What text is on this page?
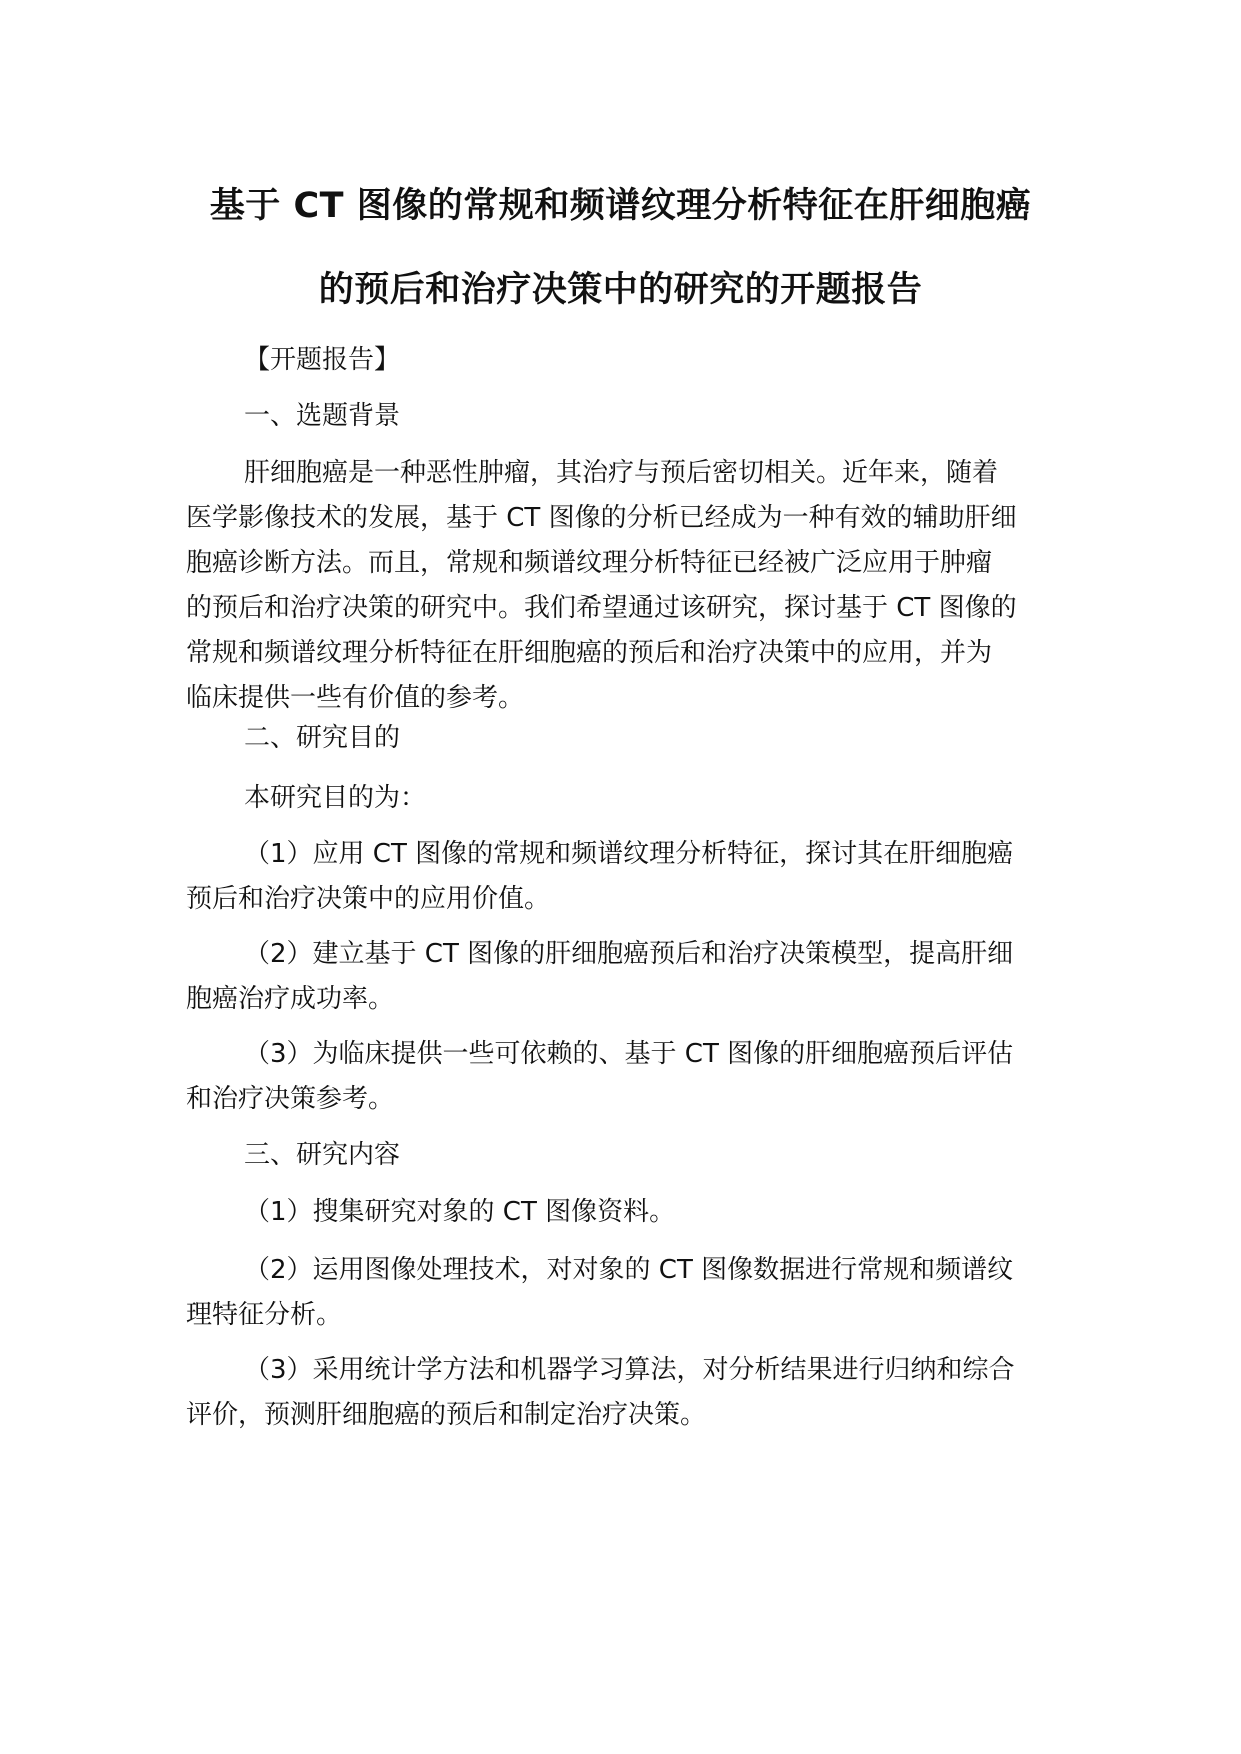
基于 CT 图像的常规和频谱纹理分析特征在肝细胞癌
的预后和治疗决策中的研究的开题报告
【开题报告】
一、选题背景
肝细胞癌是一种恶性肿瘤，其治疗与预后密切相关。近年来，随着
医学影像技术的发展，基于 CT 图像的分析已经成为一种有效的辅助肝细
胞癌诊断方法。而且，常规和频谱纹理分析特征已经被广泛应用于肿瘤
的预后和治疗决策的研究中。我们希望通过该研究，探讨基于 CT 图像的
常规和频谱纹理分析特征在肝细胞癌的预后和治疗决策中的应用，并为
临床提供一些有价值的参考。
二、研究目的
本研究目的为：
（1）应用 CT 图像的常规和频谱纹理分析特征，探讨其在肝细胞癌
预后和治疗决策中的应用价值。
（2）建立基于 CT 图像的肝细胞癌预后和治疗决策模型，提高肝细
胞癌治疗成功率。
（3）为临床提供一些可依赖的、基于 CT 图像的肝细胞癌预后评估
和治疗决策参考。
三、研究内容
（1）搜集研究对象的 CT 图像资料。
（2）运用图像处理技术，对对象的 CT 图像数据进行常规和频谱纹
理特征分析。
（3）采用统计学方法和机器学习算法，对分析结果进行归纳和综合
评价，预测肝细胞癌的预后和制定治疗决策。
